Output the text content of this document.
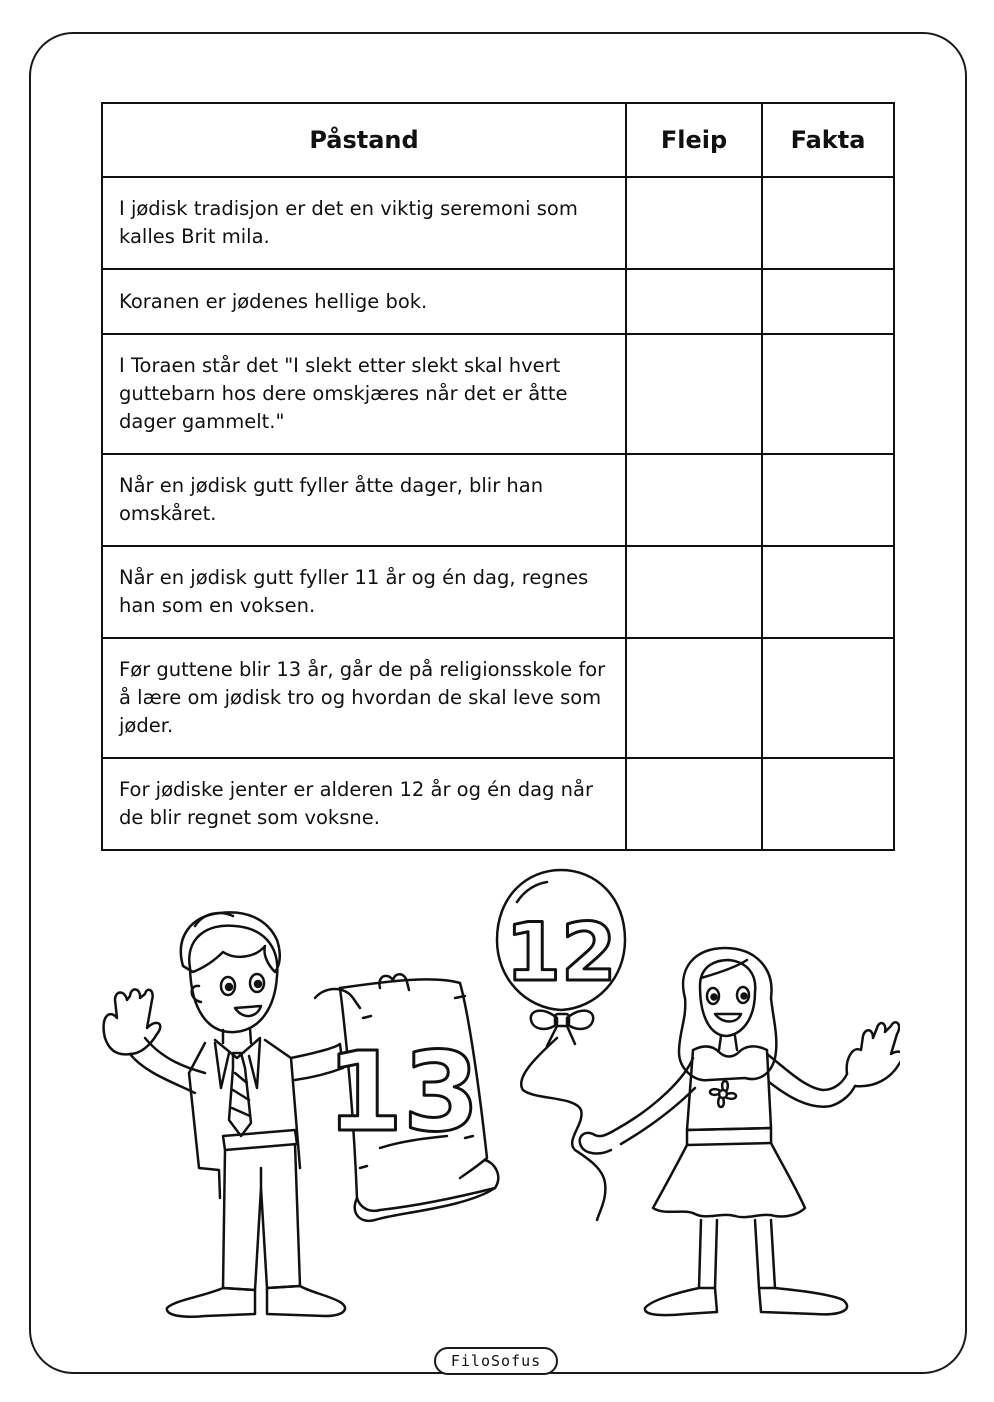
Påstand	Fleip	Fakta
I jødisk tradisjon er det en viktig seremoni som kalles Brit mila.		
Koranen er jødenes hellige bok.		
I Toraen står det "I slekt etter slekt skal hvert guttebarn hos dere omskjæres når det er åtte dager gammelt."		
Når en jødisk gutt fyller åtte dager, blir han omskåret.		
Når en jødisk gutt fyller 11 år og én dag, regnes han som en voksen.		
Før guttene blir 13 år, går de på religionsskole for å lære om jødisk tro og hvordan de skal leve som jøder.		
For jødiske jenter er alderen 12 år og én dag når de blir regnet som voksne.		
13
12
FiloSofus
